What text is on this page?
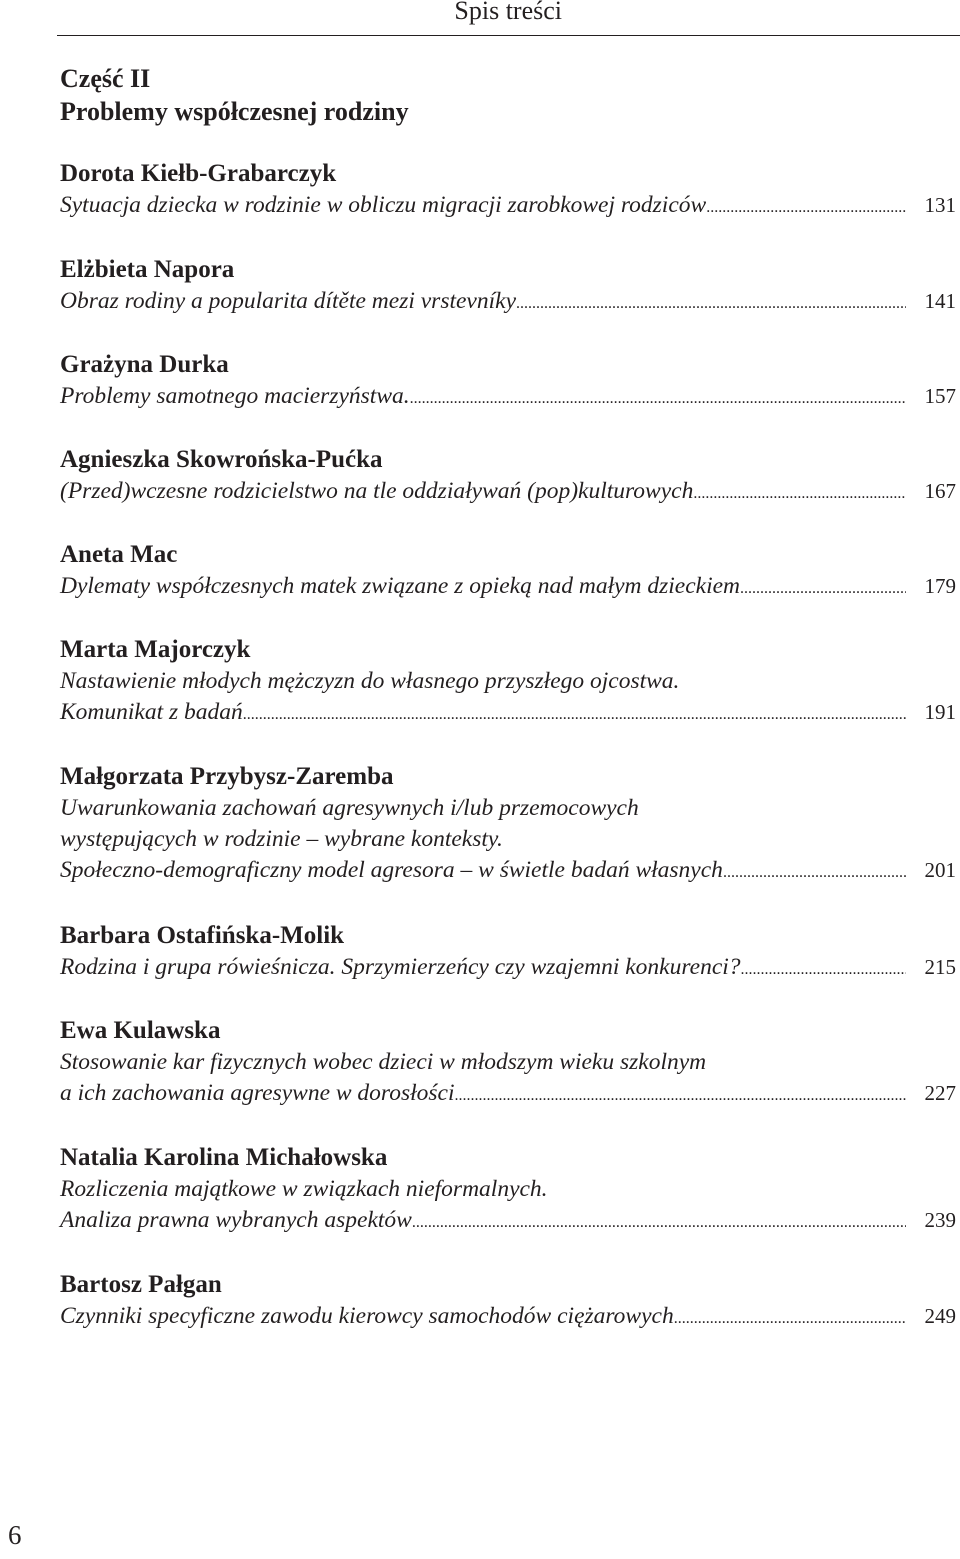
Spis treści
Część II
Problemy współczesnej rodziny
Dorota Kiełb-Grabarczyk
Sytuacja dziecka w rodzinie w obliczu migracji zarobkowej rodziców .....	131
Elżbieta Napora
Obraz rodiny a popularita dítěte mezi vrstevníky .....	141
Grażyna Durka
Problemy samotnego macierzyństwa. .....	157
Agnieszka Skowrońska-Pućka
(Przed)wczesne rodzicielstwo na tle oddziaływań (pop)kulturowych .....	167
Aneta Mac
Dylematy współczesnych matek związane z opieką nad małym dzieckiem .....	179
Marta Majorczyk
Nastawienie młodych mężczyzn do własnego przyszłego ojcostwa.
Komunikat z badań .....	191
Małgorzata Przybysz-Zaremba
Uwarunkowania zachowań agresywnych i/lub przemocowych
występujących w rodzinie – wybrane konteksty.
Społeczno-demograficzny model agresora – w świetle badań własnych .....	201
Barbara Ostafińska-Molik
Rodzina i grupa rówieśnicza. Sprzymierzeńcy czy wzajemni konkurenci? .....	215
Ewa Kulawska
Stosowanie kar fizycznych wobec dzieci w młodszym wieku szkolnym
a ich zachowania agresywne w dorosłości .....	227
Natalia Karolina Michałowska
Rozliczenia majątkowe w związkach nieformalnych.
Analiza prawna wybranych aspektów .....	239
Bartosz Pałgan
Czynniki specyficzne zawodu kierowcy samochodów ciężarowych .....	249
6
